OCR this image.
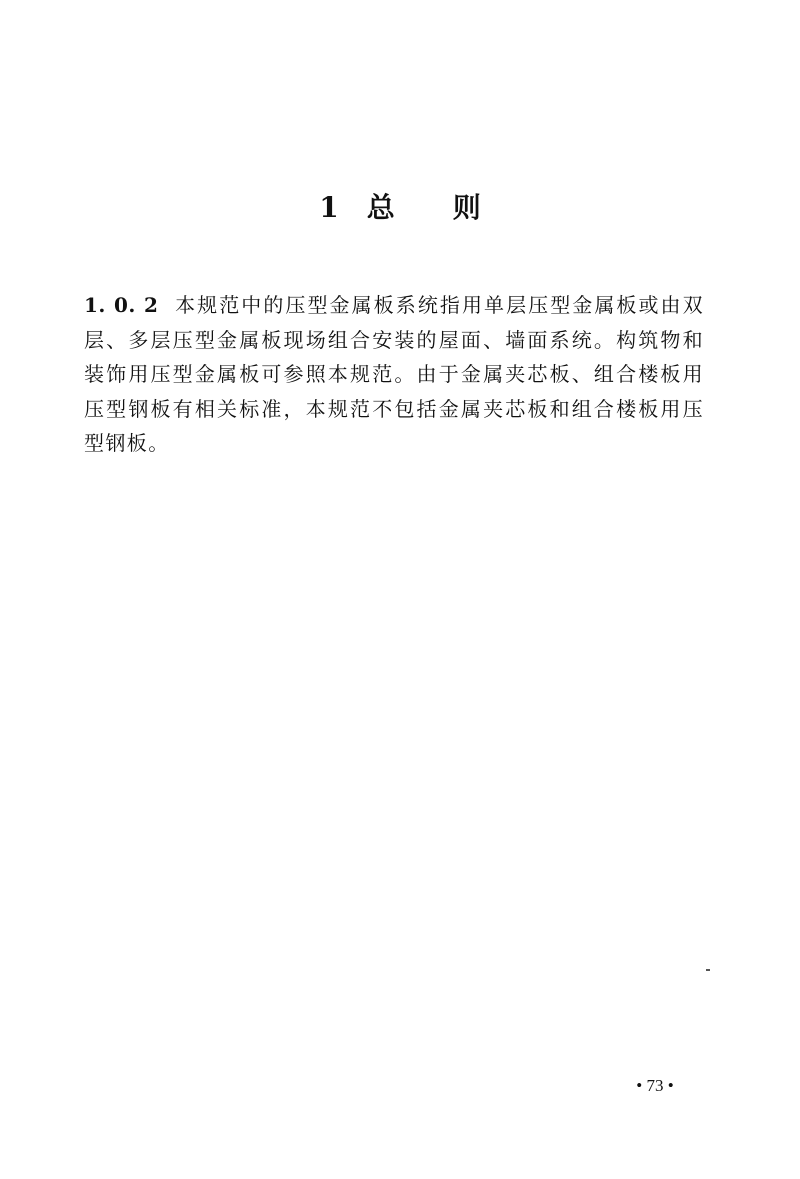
1 总 则

1. 0. 2 本规范中的压型金属板系统指用单层压型金属板或由双层、多层压型金属板现场组合安装的屋面、墙面系统。构筑物和装饰用压型金属板可参照本规范。由于金属夹芯板、组合楼板用压型钢板有相关标准，本规范不包括金属夹芯板和组合楼板用压型钢板。

• 73 •
